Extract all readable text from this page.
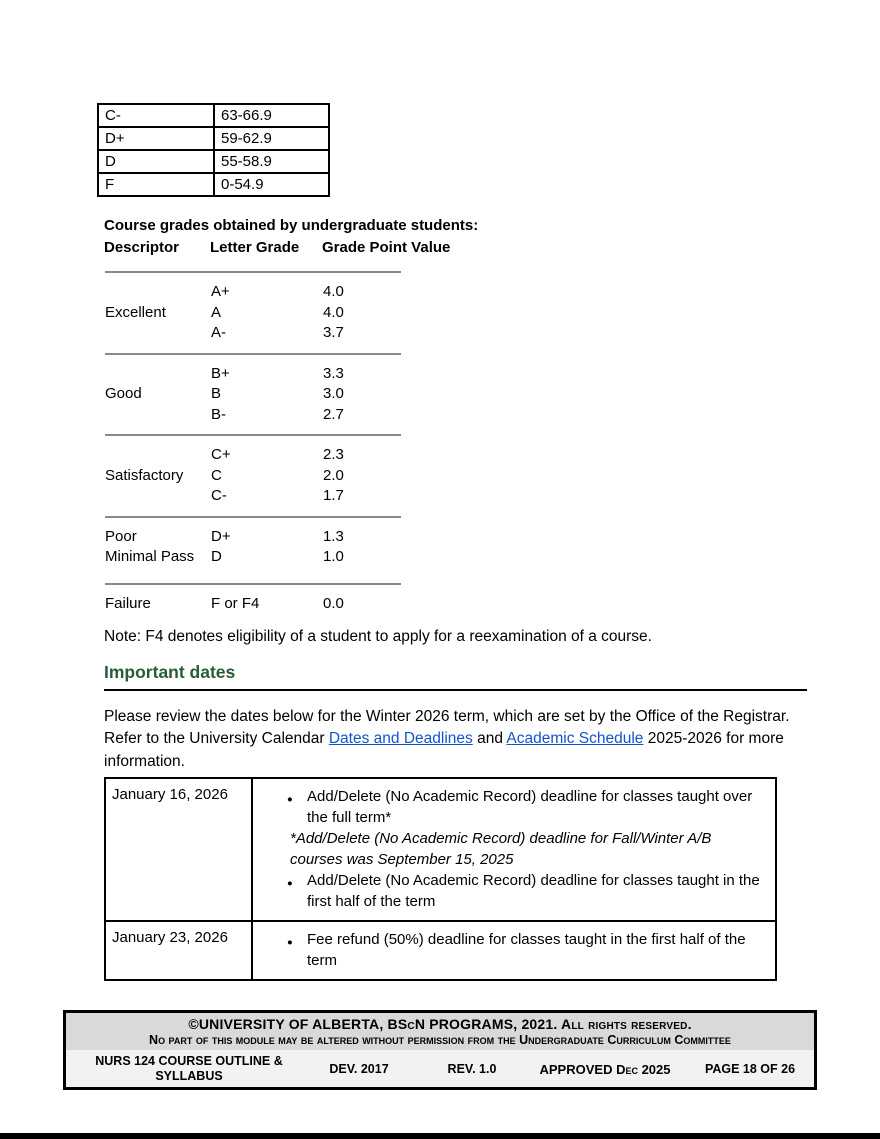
C-	63-66.9
D+	59-62.9
D	55-58.9
F	0-54.9
Course grades obtained by undergraduate students:
Descriptor	Letter Grade	Grade Point Value
A+	4.0
Excellent	A	4.0
A-	3.7
B+	3.3
Good	B	3.0
B-	2.7
C+	2.3
Satisfactory	C	2.0
C-	1.7
Poor	D+	1.3
Minimal Pass	D	1.0
Failure	F or F4	0.0
Note: F4 denotes eligibility of a student to apply for a reexamination of a course.
Important dates

Please review the dates below for the Winter 2026 term, which are set by the Office of the Registrar. Refer to the University Calendar Dates and Deadlines and Academic Schedule 2025-2026 for more information.

January 16, 2026	● Add/Delete (No Academic Record) deadline for classes taught over the full term*
*Add/Delete (No Academic Record) deadline for Fall/Winter A/B courses was September 15, 2025
● Add/Delete (No Academic Record) deadline for classes taught in the first half of the term

January 23, 2026	● Fee refund (50%) deadline for classes taught in the first half of the term
©UNIVERSITY OF ALBERTA, BScN PROGRAMS, 2021. All rights reserved.
No part of this module may be altered without permission from the Undergraduate Curriculum Committee
NURS 124 COURSE OUTLINE & SYLLABUS	DEV. 2017	REV. 1.0	APPROVED Dec 2025	PAGE 18 OF 26
